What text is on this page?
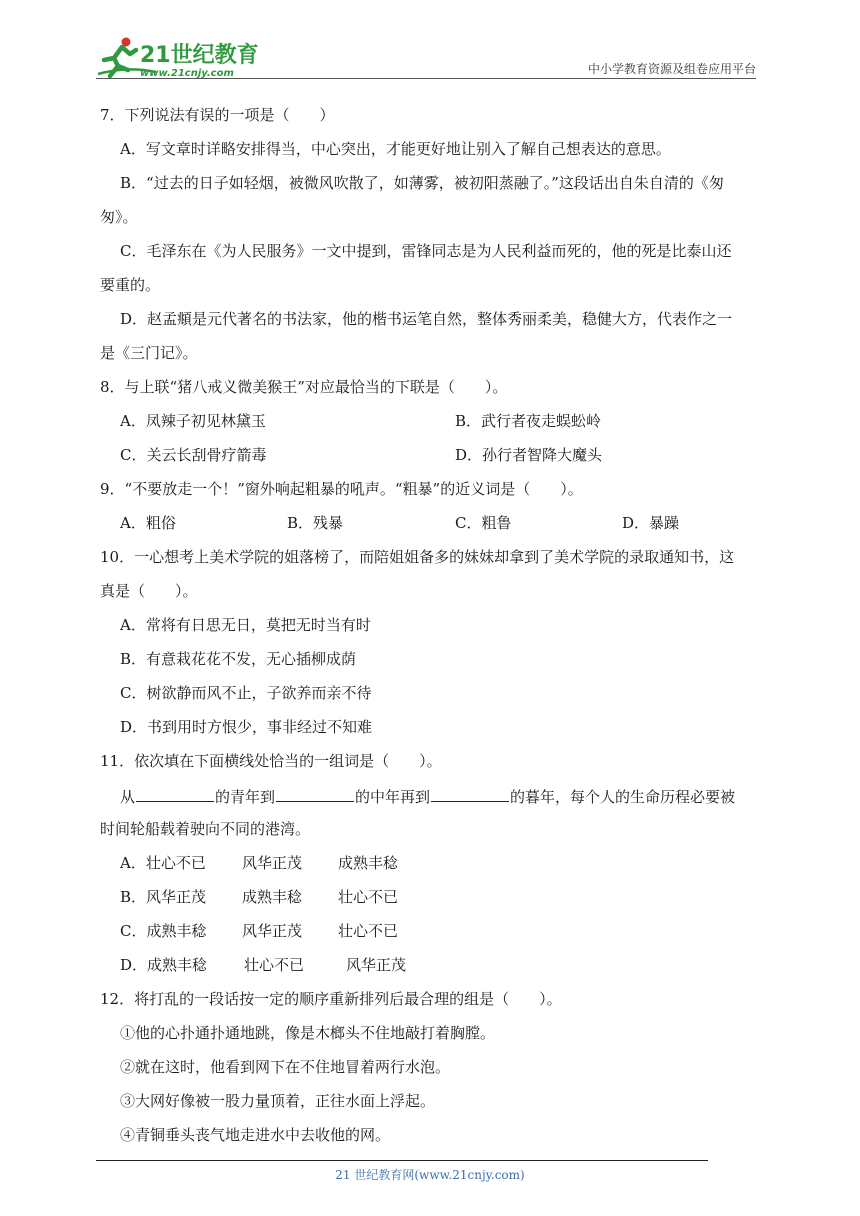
21世纪教育
www.21cnjy.com	中小学教育资源及组卷应用平台
7．下列说法有误的一项是（　　）
A．写文章时详略安排得当，中心突出，才能更好地让别入了解自己想表达的意思。
B．“过去的日子如轻烟，被微风吹散了，如薄雾，被初阳蒸融了。”这段话出自朱自清的《匆
匆》。
C．毛泽东在《为人民服务》一文中提到，雷锋同志是为人民利益而死的，他的死是比泰山还
要重的。
D．赵孟頫是元代著名的书法家，他的楷书运笔自然，整体秀丽柔美，稳健大方，代表作之一
是《三门记》。
8．与上联“猪八戒义微美猴王”对应最恰当的下联是（　　）。
A．凤辣子初见林黛玉	B．武行者夜走蜈蚣岭
C．关云长刮骨疗箭毒	D．孙行者智降大魔头
9．“不要放走一个！”窗外响起粗暴的吼声。“粗暴”的近义词是（　　）。
A．粗俗	B．残暴	C．粗鲁	D．暴躁
10．一心想考上美术学院的姐落榜了，而陪姐姐备多的妹妹却拿到了美术学院的录取通知书，这
真是（　　）。
A．常将有日思无日，莫把无时当有时
B．有意栽花花不发，无心插柳成荫
C．树欲静而风不止，子欲养而亲不待
D．书到用时方恨少，事非经过不知难
11．依次填在下面横线处恰当的一组词是（　　）。
从	的青年到	的中年再到	的暮年，每个人的生命历程必要被
时间轮船载着驶向不同的港湾。
A．壮心不已 风华正茂 成熟丰稔
B．风华正茂 成熟丰稔 壮心不已
C．成熟丰稔 风华正茂 壮心不已
D．成熟丰稔 壮心不已	风华正茂
12．将打乱的一段话按一定的顺序重新排列后最合理的组是（　　）。
①他的心扑通扑通地跳，像是木榔头不住地敲打着胸膛。
②就在这时，他看到网下在不住地冒着两行水泡。
③大网好像被一股力量顶着，正往水面上浮起。
④青铜垂头丧气地走进水中去收他的网。
21 世纪教育网(www.21cnjy.com)
